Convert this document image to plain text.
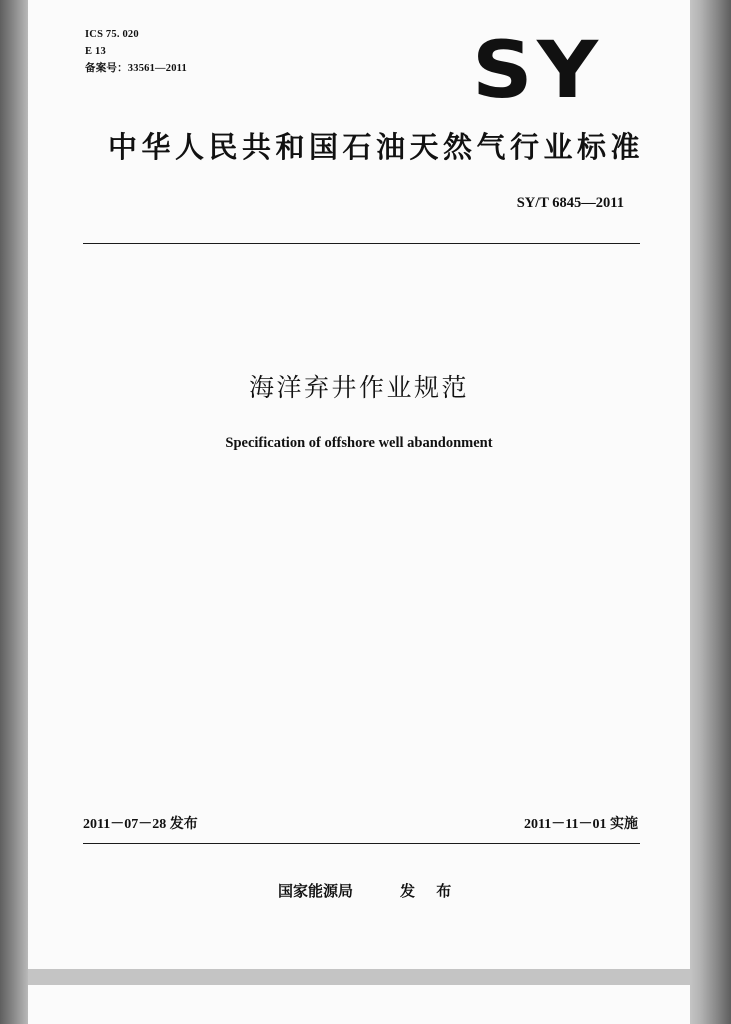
ICS 75. 020
E 13
备案号：33561—2011	SY
中华人民共和国石油天然气行业标准
SY/T 6845—2011
海洋弃井作业规范
Specification of offshore well abandonment
2011－07－28 发布	2011－11－01 实施
国家能源局	发 布
